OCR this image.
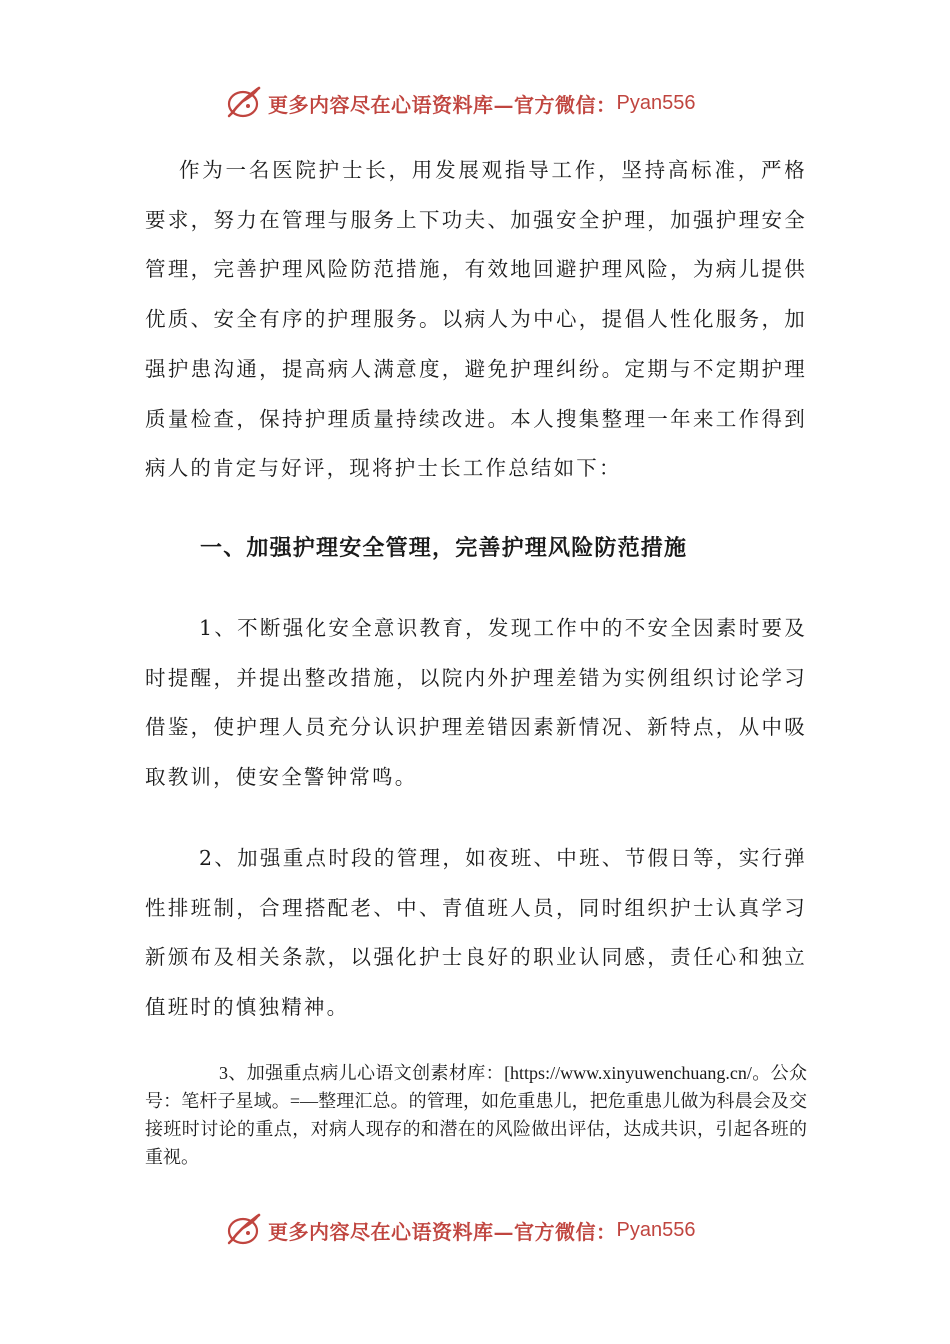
更多内容尽在心语资料库—官方微信： Pyan556

作为一名医院护士长，用发展观指导工作，坚持高标准，严格要求，努力在管理与服务上下功夫、加强安全护理，加强护理安全管理，完善护理风险防范措施，有效地回避护理风险，为病儿提供优质、安全有序的护理服务。以病人为中心，提倡人性化服务，加强护患沟通，提高病人满意度，避免护理纠纷。定期与不定期护理质量检查，保持护理质量持续改进。本人搜集整理一年来工作得到病人的肯定与好评，现将护士长工作总结如下：

一、加强护理安全管理，完善护理风险防范措施

1、不断强化安全意识教育，发现工作中的不安全因素时要及时提醒，并提出整改措施，以院内外护理差错为实例组织讨论学习借鉴，使护理人员充分认识护理差错因素新情况、新特点，从中吸取教训，使安全警钟常鸣。

2、加强重点时段的管理，如夜班、中班、节假日等，实行弹性排班制，合理搭配老、中、青值班人员，同时组织护士认真学习新颁布及相关条款，以强化护士良好的职业认同感，责任心和独立值班时的慎独精神。

3、加强重点病儿心语文创素材库：[https://www.xinyuwenchuang.cn/。公众号：笔杆子星域。=—整理汇总。的管理，如危重患儿，把危重患儿做为科晨会及交接班时讨论的重点，对病人现存的和潜在的风险做出评估，达成共识，引起各班的重视。

更多内容尽在心语资料库—官方微信： Pyan556
